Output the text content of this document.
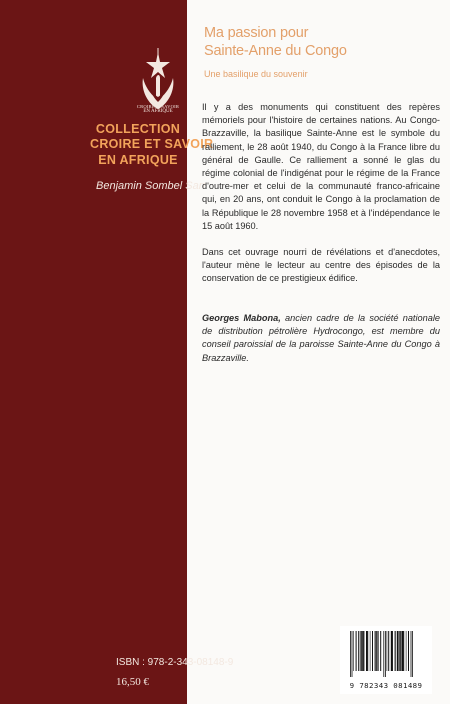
CROIRE & SAVOIR
EN AFRIQUE
COLLECTION
CROIRE ET SAVOIR
EN AFRIQUE
Benjamin Sombel Sarr
ISBN : 978-2-343-08148-9
16,50 €
Ma passion pour
Sainte-Anne du Congo
Une basilique du souvenir

Il y a des monuments qui constituent des repères mémoriels pour l'histoire de certaines nations. Au Congo-Brazzaville, la basilique Sainte-Anne est le symbole du ralliement, le 28 août 1940, du Congo à la France libre du général de Gaulle. Ce ralliement a sonné le glas du régime colonial de l'indigénat pour le régime de la France d'outre-mer et celui de la communauté franco-africaine qui, en 20 ans, ont conduit le Congo à la proclamation de la République le 28 novembre 1958 et à l'indépendance le 15 août 1960.

Dans cet ouvrage nourri de révélations et d'anecdotes, l'auteur mène le lecteur au centre des épisodes de la conservation de ce prestigieux édifice.

Georges Mabona, ancien cadre de la société nationale de distribution pétrolière Hydrocongo, est membre du conseil paroissial de la paroisse Sainte-Anne du Congo à Brazzaville.

9 782343 081489
